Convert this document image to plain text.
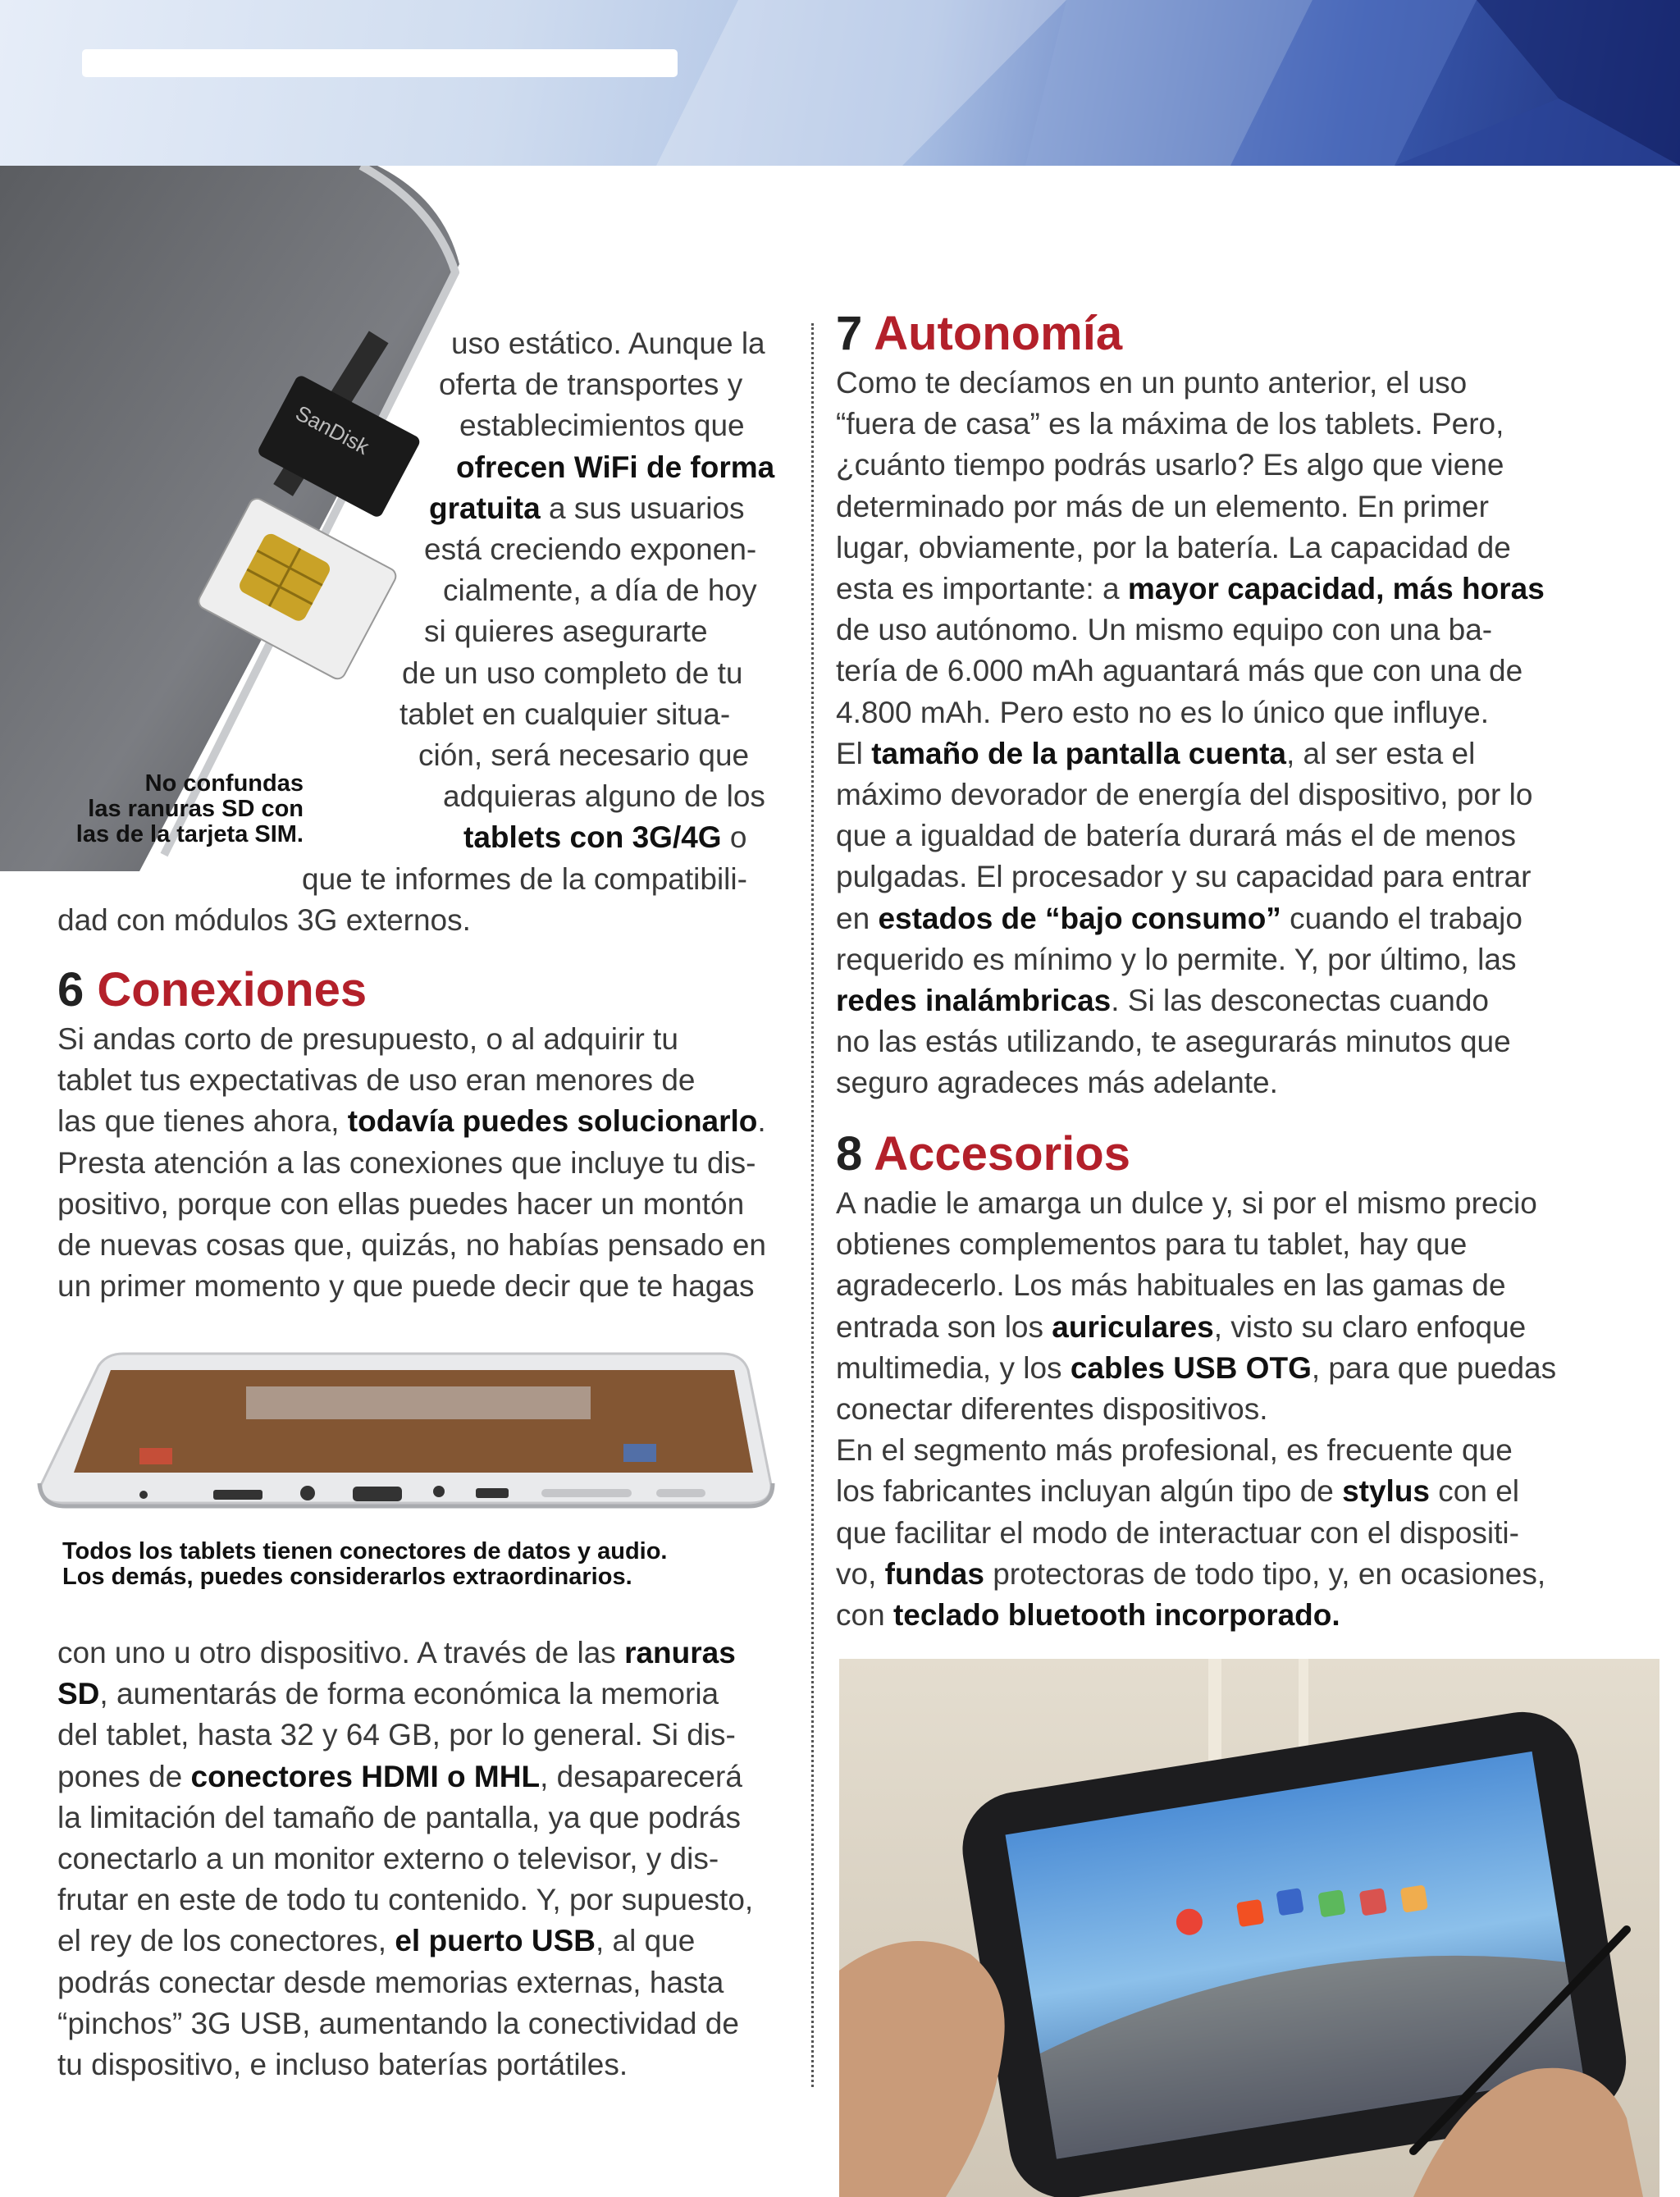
SanDisk
No confundas
las ranuras SD con
las de la tarjeta SIM.

uso estático. Aunque la

oferta de transportes y

establecimientos que

ofrecen WiFi de forma

gratuita a sus usuarios

está creciendo exponen-

cialmente, a día de hoy

si quieres asegurarte

de un uso completo de tu

tablet en cualquier situa-

ción, será necesario que

adquieras alguno de los

tablets con 3G/4G o

que te informes de la compatibili-

dad con módulos 3G externos.

6 Conexiones

Si andas corto de presupuesto, o al adquirir tu

tablet tus expectativas de uso eran menores de

las que tienes ahora, todavía puedes solucionarlo.

Presta atención a las conexiones que incluye tu dis-

positivo, porque con ellas puedes hacer un montón

de nuevas cosas que, quizás, no habías pensado en

un primer momento y que puede decir que te hagas

Todos los tablets tienen conectores de datos y audio.
Los demás, puedes considerarlos extraordinarios.

con uno u otro dispositivo. A través de las ranuras

SD, aumentarás de forma económica la memoria

del tablet, hasta 32 y 64 GB, por lo general. Si dis-

pones de conectores HDMI o MHL, desaparecerá

la limitación del tamaño de pantalla, ya que podrás

conectarlo a un monitor externo o televisor, y dis-

frutar en este de todo tu contenido. Y, por supuesto,

el rey de los conectores, el puerto USB, al que

podrás conectar desde memorias externas, hasta

“pinchos” 3G USB, aumentando la conectividad de

tu dispositivo, e incluso baterías portátiles.

7 Autonomía

Como te decíamos en un punto anterior, el uso

“fuera de casa” es la máxima de los tablets. Pero,

¿cuánto tiempo podrás usarlo? Es algo que viene

determinado por más de un elemento. En primer

lugar, obviamente, por la batería. La capacidad de

esta es importante: a mayor capacidad, más horas

de uso autónomo. Un mismo equipo con una ba-

tería de 6.000 mAh aguantará más que con una de

4.800 mAh. Pero esto no es lo único que influye.

El tamaño de la pantalla cuenta, al ser esta el

máximo devorador de energía del dispositivo, por lo

que a igualdad de batería durará más el de menos

pulgadas. El procesador y su capacidad para entrar

en estados de “bajo consumo” cuando el trabajo

requerido es mínimo y lo permite. Y, por último, las

redes inalámbricas. Si las desconectas cuando

no las estás utilizando, te asegurarás minutos que

seguro agradeces más adelante.

8 Accesorios

A nadie le amarga un dulce y, si por el mismo precio

obtienes complementos para tu tablet, hay que

agradecerlo. Los más habituales en las gamas de

entrada son los auriculares, visto su claro enfoque

multimedia, y los cables USB OTG, para que puedas

conectar diferentes dispositivos.

En el segmento más profesional, es frecuente que

los fabricantes incluyan algún tipo de stylus con el

que facilitar el modo de interactuar con el dispositi-

vo, fundas protectoras de todo tipo, y, en ocasiones,

con teclado bluetooth incorporado.
